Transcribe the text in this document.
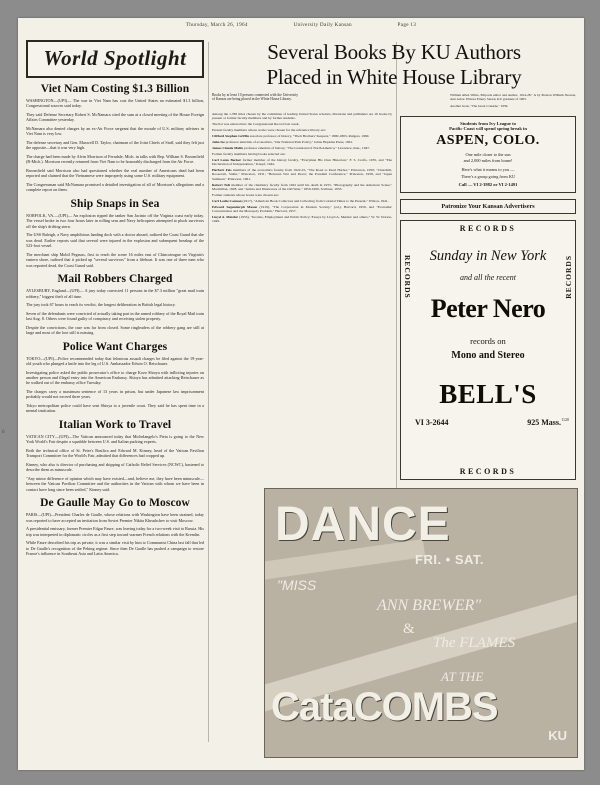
Thursday, March 26, 1964	University Daily Kansan	Page 13
World Spotlight
Viet Nam Costing $1.3 Billion

WASHINGTON—(UPI)— The war in Viet Nam has cost the United States an estimated $1.3 billion, Congressional sources said today.

They said Defense Secretary Robert S. McNamara cited the sum at a closed meeting of the House Foreign Affairs Committee yesterday.

McNamara also denied charges by an ex-Air Force sergeant that the morale of U.S. military advisers in Viet Nam is very low.

The defense secretary and Gen. Maxwell D. Taylor, chairman of the Joint Chiefs of Staff, said they felt just the opposite—that it was very high.

The charge had been made by Alvin Morrison of Ferndale, Mich. in talks with Rep. William S. Broomfield (R-Mich.). Morrison recently returned from Viet Nam to be honorably discharged from the Air Force.

Broomfield said Morrison also had questioned whether the real number of Americans dead had been reported and claimed that the Vietnamese were improperly using some U.S. military equipment.

The Congressman said McNamara promised a detailed investigation of all of Morrison's allegations and a complete report on them.

Ship Snaps in Sea

NORFOLK, VA.—(UPI)— An explosion ripped the tanker San Jacinto off the Virginia coast early today. The vessel broke in two four hours later in rolling seas and Navy helicopters attempted to pluck survivors off the ship's drifting stern.

The USS Raleigh, a Navy amphibious landing dock with a doctor aboard, radioed the Coast Guard that she was dead. Earlier reports said that several were injured in the explosion and subsequent breakup of the 523-foot vessel.

The merchant ship Mobil Pegasus, first to reach the scene 16 miles east of Chincoteague on Virginia's eastern shore, radioed that it picked up "several survivors" from a lifeboat. It was one of three men who was reported dead, the Coast Guard said.

Mail Robbers Charged

AYLESBURY, England—(UPI)— A jury today convicted 11 persons in the $7.3 million "great mail train robbery," biggest theft of all time.

The jury took 67 hours to reach its verdict, the longest deliberation in British legal history.

Seven of the defendants were convicted of actually taking part in the armed robbery of the Royal Mail train last Aug. 8. Others were found guilty of conspiracy and receiving stolen property.

Despite the convictions, the case was far from closed. Some ringleaders of the robbery gang are still at large and most of the loot still is missing.

Police Want Charges

TOKYO—(UPI)—Police recommended today that felonious assault charges be filed against the 19-year-old youth who plunged a knife into the leg of U.S. Ambassador Edwin O. Reischauer.

Investigating police asked the public prosecutor's office to charge Kozo Shioya with inflicting injuries on another person and illegal entry into the American Embassy. Shioya has admitted attacking Reischauer as he walked out of the embassy office Tuesday.

The charges carry a maximum sentence of 13 years in prison, but under Japanese law imprisonment probably would not exceed three years.

Tokyo metropolitan police could have sent Shioya to a juvenile court. They said he has spent time in a mental institution.

Italian Work to Travel

VATICAN CITY—(UPI)—The Vatican announced today that Michelangelo's Pieta is going to the New York World's Fair despite a squabble between U.S. and Italian packing experts.

Both the technical office of St. Peter's Basilica and Edward M. Kinney, head of the Vatican Pavilion Transport Committee for the World's Fair, admitted that differences had cropped up.

Kinney, who also is director of purchasing and shipping of Catholic Relief Services (NCWC), hastened to describe them as minuscule.

"Any minor difference of opinion which may have existed—and, believe me, they have been minuscule—between the Vatican Pavilion Committee and the authorities in the Vatican with whom we have been in contact have long since been settled," Kinney said.

De Gaulle May Go to Moscow

PARIS—(UPI)—President Charles de Gaulle, whose relations with Washington have been strained, today was reported to have accepted an invitation from Soviet Premier Nikita Khrushchev to visit Moscow.

A presidential emissary, former Premier Edgar Faure, was leaving today for a two-week visit to Russia. His trip was interpreted in diplomatic circles as a first step toward warmer French relations with the Kremlin.

While Faure described his trip as private, it was a similar visit by him to Communist China last fall that led to De Gaulle's recognition of the Peking regime. Since then De Gaulle has pushed a campaign to restore France's influence in Southeast Asia and Latin America.

Several Books By KU Authors
Placed in White House Library

Books by at least 10 persons connected with the University of Kansas are being placed in the White House Library.

William Allen White, Emporia editor and Author, 1914-28," is by Preston William Slosson, Ann Arbor. Elmore Emery Stearn, KU graduate of 1905.

Another book, "The Great Crusade," 1939.

Among the 1,780 titles chosen by the committee of leading United States scholars, librarians and publishers are 16 books by present or former faculty members and by former students.

The list was entered into the Congressional Record last week.

Present faculty members whose works were chosen for the reference library are:

Clifford Stephen Griffin associate professor of history, "Their Brothers' Keepers," 1800-1865, Rutgers, 1960.

John Ise professor emeritus of economics, "Our National Park Policy," Johns Hopkins Press, 1961.

James Claude Malin professor emeritus of history, "The Grassland of North America," Lawrence, Kan., 1947.

Former faculty members having books selected are:

Carl Lotus Becker former member of the history faculty, "Everyman His Own Historian," F. S. Crofts, 1935, and "The Declaration of Independence," Knopf, 1942.

Herbert Feis members of the economics faculty from 1922-25, "The Road to Pearl Harbor," Princeton, 1950; "Churchill, Roosevelt, Stalin," Princeton, 1931; "Between War and Peace; the Potsdam Conference," Princeton, 1958, and "Japan Subdued," Princeton, 1961.

Robert Taft member of the chemistry faculty from 1922 until his death in 1955, "Photography and the American Scene," Macmillan, 1928, and "Artists and Illustrators of the Old West," 1850-1900, Scribner, 1953.

Former students whose books were chosen are:

Carl Leslie Cannon (1917), "American Book Collectors and Collecting from Colonial Times to the Present," Wilson, 1941.

Edward Sagendorph Mason (1919), "The Corporation in Modern Society," (ed.), Harvard, 1959, and "Economic Concentration and the Monopoly Problem," Harvard, 1957.

Lloyd A. Metzler (1935), "Income, Employment and Public Policy; Essays by Lloyd A. Metzler and others," W. W. Norton, 1949.

Students from Ivy League to
Pacific Coast will spend spring break in
ASPEN, COLO.
One mile closer to the sun
and 2,000 miles from home!
Here's what it means to you —
There's a group going from KU
Call — VI 2-3982 or VI 2-1491
Patronize Your Kansan Advertisers
RECORDS
RECORDS	RECORDS
Sunday in New York
and all the recent
Peter Nero
records on
Mono and Stereo
BELL'S
VI 3-2644	925 Mass. 1120
RECORDS
DANCE
FRI. • SAT.
"MISS
ANN BREWER"
&
The FLAMES
AT THE
CataCOMBS
KU
6
